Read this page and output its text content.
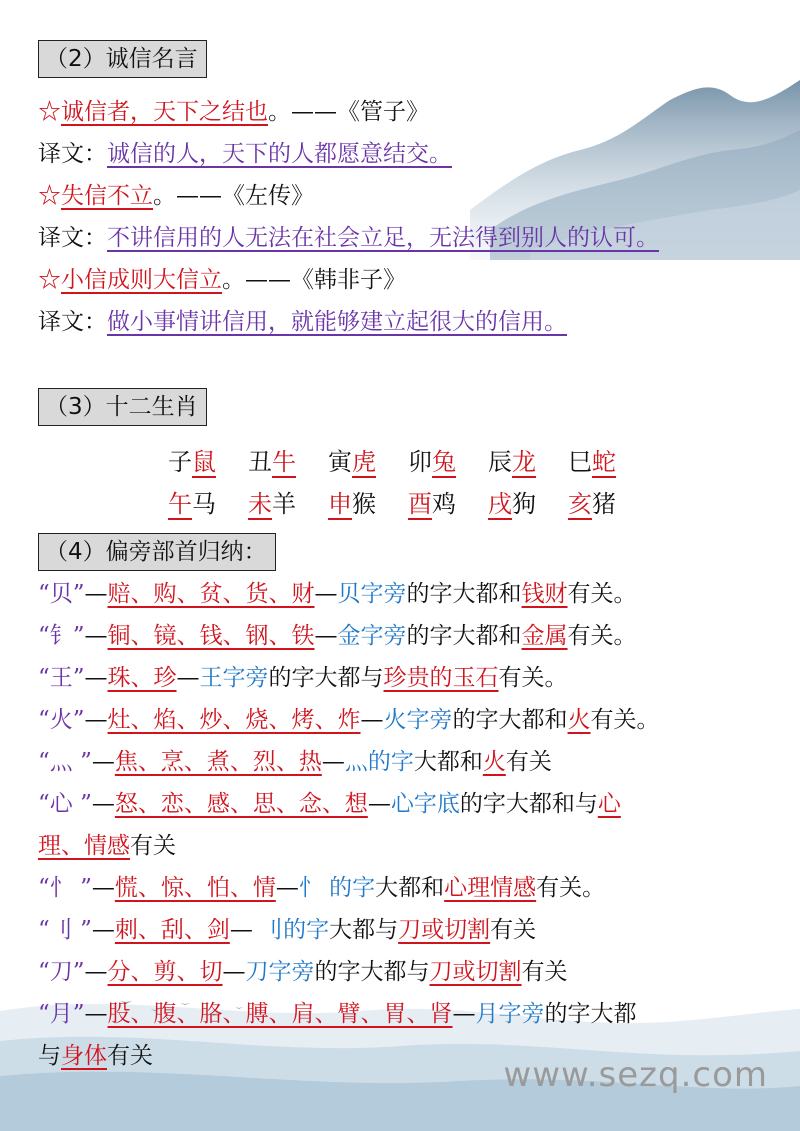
www.sezq.com
（2）诚信名言
☆诚信者，天下之结也。——《管子》
译文：诚信的人，天下的人都愿意结交。
☆失信不立。——《左传》
译文：不讲信用的人无法在社会立足，无法得到别人的认可。
☆小信成则大信立。——《韩非子》
译文：做小事情讲信用，就能够建立起很大的信用。
（3）十二生肖
子鼠 丑牛 寅虎 卯兔 辰龙 巳蛇
午马 未羊 申猴 酉鸡 戌狗 亥猪
（4）偏旁部首归纳：
“贝”—赔、购、贫、货、财—贝字旁的字大都和钱财有关。
“钅”—铜、镜、钱、钢、铁—金字旁的字大都和金属有关。
“王”—珠、珍—王字旁的字大都与珍贵的玉石有关。
“火”—灶、焰、炒、烧、烤、炸—火字旁的字大都和火有关。
“灬 ”—焦、烹、煮、烈、热—灬的字大都和火有关
“心 ”—怒、恋、感、思、念、想—心字底的字大都和与心
理、情感有关
“忄 ”—慌、惊、怕、情—忄 的字大都和心理情感有关。
“刂 ”—刺、刮、剑— 刂的字大都与刀或切割有关
“刀”—分、剪、切—刀字旁的字大都与刀或切割有关
“月”—股、腹、胳、膊、肩、臂、胃、肾—月字旁的字大都
与身体有关
